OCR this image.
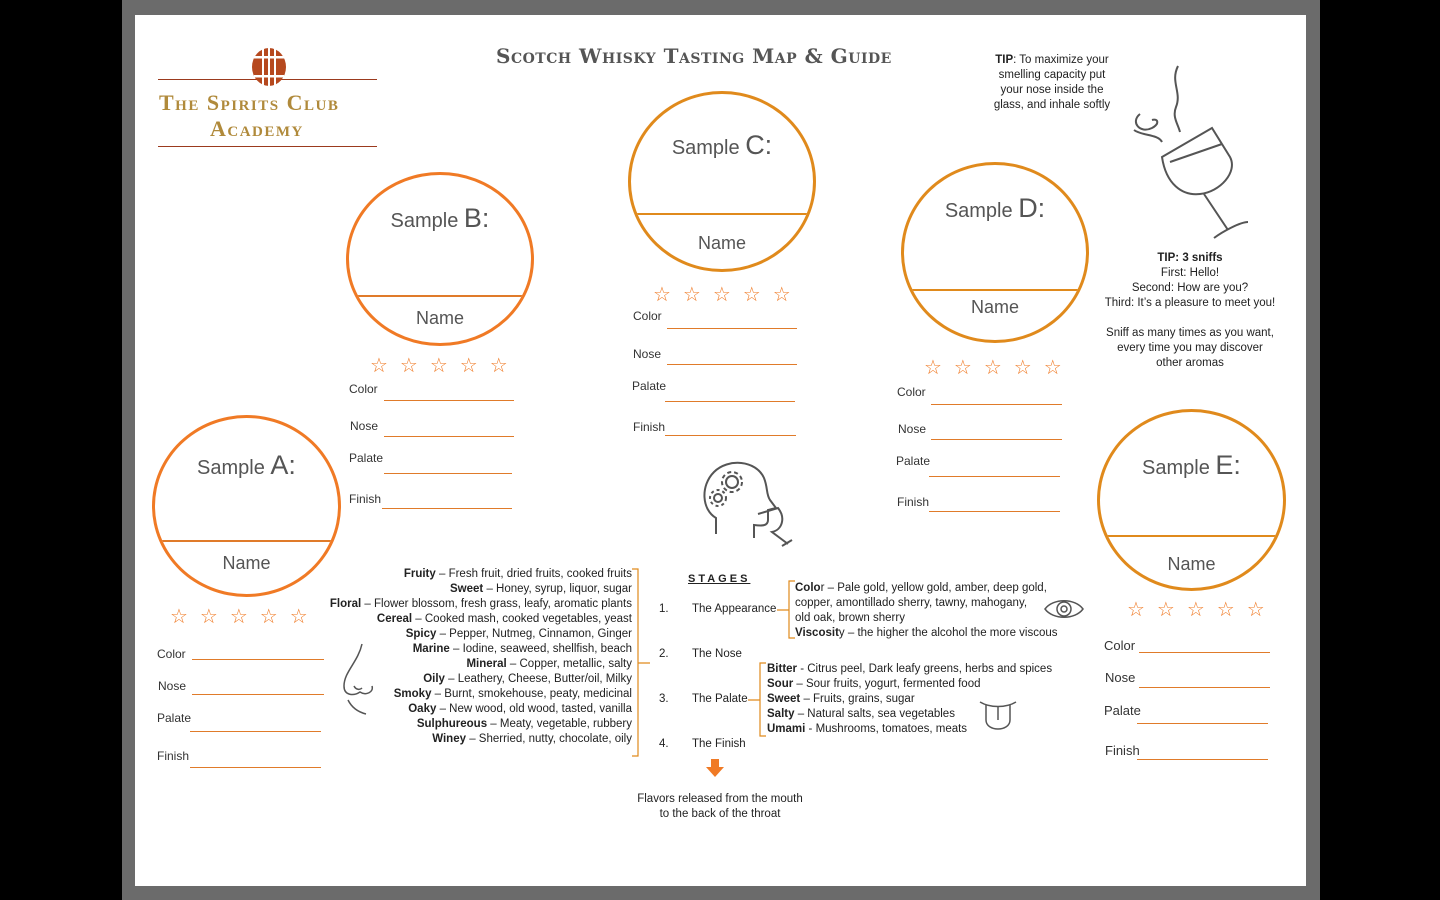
The Spirits Club
Academy
Scotch Whisky Tasting Map & Guide	TIP: To maximize your
smelling capacity put
your nose inside the
glass, and inhale softly
TIP: 3 sniffs
First: Hello!
Second: How are you?
Third: It’s a pleasure to meet you!
Sniff as many times as you want,
every time you may discover
other aromas
Sample B:
Name
☆☆☆☆☆
Color
Nose
Palate
Finish
Sample C:
Name
☆☆☆☆☆
Color
Nose
Palate
Finish
Sample D:
Name
☆☆☆☆☆
Color
Nose
Palate
Finish
Sample A:
Name
☆☆☆☆☆
Color
Nose
Palate
Finish
Sample E:
Name
☆☆☆☆☆
Color
Nose
Palate
Finish
Fruity – Fresh fruit, dried fruits, cooked fruits
Sweet – Honey, syrup, liquor, sugar
Floral – Flower blossom, fresh grass, leafy, aromatic plants
Cereal – Cooked mash, cooked vegetables, yeast
Spicy – Pepper, Nutmeg, Cinnamon, Ginger
Marine – Iodine, seaweed, shellfish, beach
Mineral – Copper, metallic, salty
Oily – Leathery, Cheese, Butter/oil, Milky
Smoky – Burnt, smokehouse, peaty, medicinal
Oaky – New wood, old wood, tasted, vanilla
Sulphureous – Meaty, vegetable, rubbery
Winey – Sherried, nutty, chocolate, oily
STAGES
1. The Appearance
2. The Nose
3. The Palate
4. The Finish
Color – Pale gold, yellow gold, amber, deep gold,
copper, amontillado sherry, tawny, mahogany,
old oak, brown sherry
Viscosity – the higher the alcohol the more viscous
Bitter - Citrus peel, Dark leafy greens, herbs and spices
Sour – Sour fruits, yogurt, fermented food
Sweet – Fruits, grains, sugar
Salty – Natural salts, sea vegetables
Umami - Mushrooms, tomatoes, meats
Flavors released from the mouth
to the back of the throat
